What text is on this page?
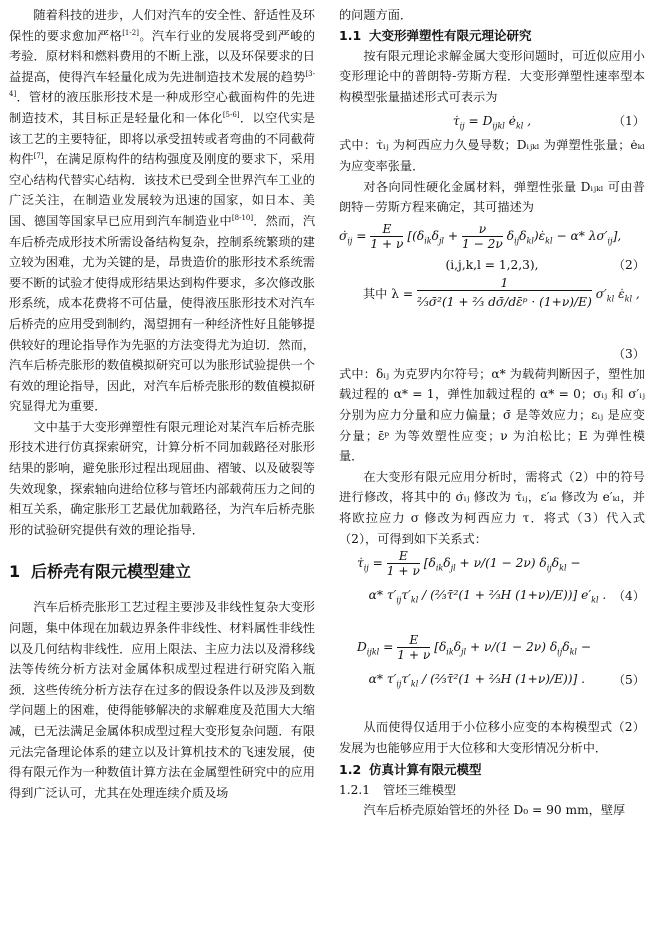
随着科技的进步，人们对汽车的安全性、舒适性及环保性的要求愈加严格[1-2]。汽车行业的发展将受到严峻的考验．原材料和燃料费用的不断上涨，以及环保要求的日益提高，使得汽车轻量化成为先进制造技术发展的趋势[3-4]．管材的液压胀形技术是一种成形空心截面构件的先进制造技术，其目标正是轻量化和一体化[5-6]．以空代实是该工艺的主要特征，即将以承受扭转或者弯曲的不同截荷构件[7]，在满足原构件的结构强度及刚度的要求下，采用空心结构代替实心结构．该技术已受到全世界汽车工业的广泛关注，在制造业发展较为迅速的国家，如日本、美国、德国等国家早已应用到汽车制造业中[8-10]．然而，汽车后桥壳成形技术所需设备结构复杂，控制系统繁琐的建立较为困难，尤为关键的是，昂贵造价的胀形技术系统需要不断的试验才使得成形结果达到构件要求，多次修改胀形系统，成本花费将不可估量，使得液压胀形技术对汽车后桥壳的应用受到制约，渴望拥有一种经济性好且能够提供较好的理论指导作为先驱的方法变得尤为迫切．然而，汽车后桥壳胀形的数值模拟研究可以为胀形试验提供一个有效的理论指导，因此，对汽车后桥壳胀形的数值模拟研究显得尤为重要．

文中基于大变形弹塑性有限元理论对某汽车后桥壳胀形技术进行仿真探索研究，计算分析不同加载路径对胀形结果的影响，避免胀形过程出现屈曲、褶皱、以及破裂等失效现象，探索轴向进给位移与管坯内部载荷压力之间的相互关系，确定胀形工艺最优加载路径，为汽车后桥壳胀形的试验研究提供有效的理论指导．

1 后桥壳有限元模型建立

汽车后桥壳胀形工艺过程主要涉及非线性复杂大变形问题，集中体现在加载边界条件非线性、材料属性非线性以及几何结构非线性．应用上限法、主应力法以及滑移线法等传统分析方法对金属体积成型过程进行研究陷入瓶颈．这些传统分析方法存在过多的假设条件以及涉及到数学问题上的困难，使得能够解决的求解难度及范围大大缩减，已无法满足金属体积成型过程大变形复杂问题．有限元法完备理论体系的建立以及计算机技术的飞速发展，使得有限元作为一种数值计算方法在金属塑性研究中的应用得到广泛认可，尤其在处理连续介质及场

的问题方面．

1.1 大变形弹塑性有限元理论研究

按有限元理论求解金属大变形问题时，可近似应用小变形理论中的普朗特-劳斯方程．大变形弹塑性速率型本构模型张量描述形式可表示为

$\tau̇_{ij} = D_{ijkl}$ $ė_{kl}$ ,	（1）

式中：τ̇ᵢⱼ 为柯西应力久曼导数；Dᵢⱼₖₗ 为弹塑性张量；ėₖₗ 为应变率张量．

对各向同性硬化金属材料，弹塑性张量 Dᵢⱼₖₗ 可由普朗特－劳斯方程来确定，其可描述为

$\sigmȧ_{ij} = \frac{E}{1 + \nu} [(\delta_{ik}\delta_{jl} + \frac{\nu}{1 - 2\nu}$ $\delta_{ij}\delta_{kl})\varepsiloṅ_{kl} - \alpha*$ $\lambda\sigma'_{ij}$],
(i,j,k,l = 1,2,3),	（2）
其中 $\lambda = \frac{1}{\text{⅔σ̄²(1 + ⅔ dσ̄/dε̄ᵖ · (1+ν)/E)}} \sigma'_{kl}$ $\varepsiloṅ_{kl}$ ,
（3）

式中：δᵢⱼ 为克罗内尔符号；α* 为载荷判断因子，塑性加载过程的 α* = 1，弹性加载过程的 α* = 0；σᵢⱼ 和 σ′ᵢⱼ 分别为应力分量和应力偏量；σ̄ 是等效应力；εᵢⱼ 是应变分量；ε̄ᵖ 为等效塑性应变；ν 为泊松比；E 为弹性模量．

在大变形有限元应用分析时，需将式（2）中的符号进行修改，将其中的 σ̇ᵢⱼ 修改为 τ̇ᵢⱼ，ε′ₖₗ 修改为 e′ₖₗ，并将欧拉应力 σ 修改为柯西应力 τ．将式（3）代入式（2），可得到如下关系式：

$\tau̇_{ij} = \frac{E}{1 + \nu} [\delta_{ik}\delta_{jl} + \nu/(1 - 2\nu) \delta_{ij}\delta_{kl}$ −
α* $\tau'_{ij}\tau'_{kl}$ / (⅔τ̄²(1 + ⅔H (1+ν)/E))] $e'_{kl}$ . （4）
$D_{ijkl} = \frac{E}{1 + \nu} [\delta_{ik}\delta_{jl} + \nu/(1 - 2\nu) \delta_{ij}\delta_{kl}$ −
α* $\tau'_{ij}\tau'_{kl}$ / (⅔τ̄²(1 + ⅔H (1+ν)/E))] . （5）

从而使得仅适用于小位移小应变的本构模型式（2）发展为也能够应用于大位移和大变形情况分析中．

1.2 仿真计算有限元模型
1.2.1 管坯三维模型

汽车后桥壳原始管坯的外径 D₀ = 90 mm，壁厚
